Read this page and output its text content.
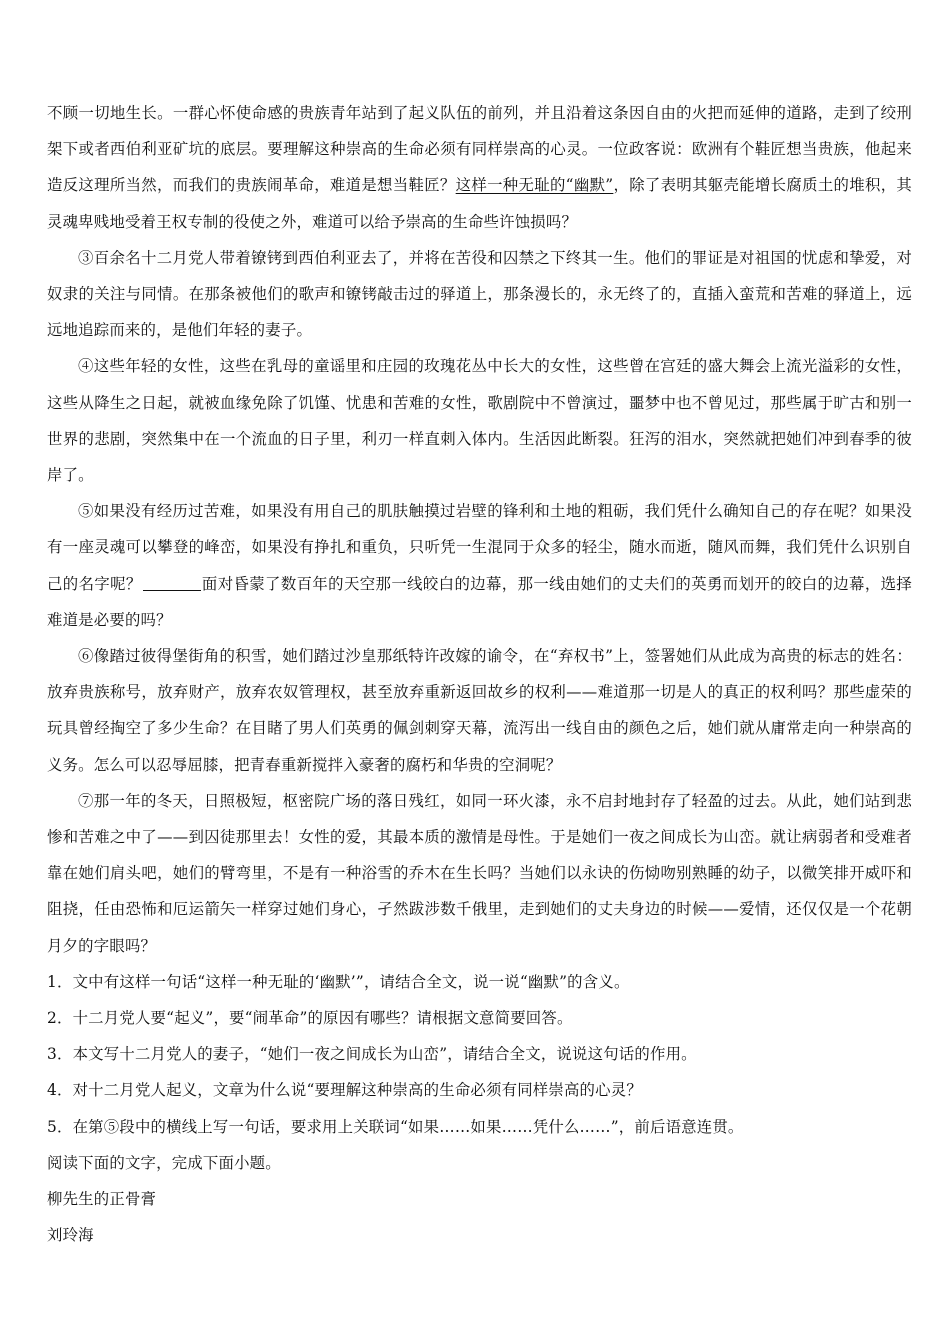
不顾一切地生长。一群心怀使命感的贵族青年站到了起义队伍的前列，并且沿着这条因自由的火把而延伸的道路，走到了绞刑架下或者西伯利亚矿坑的底层。要理解这种崇高的生命必须有同样崇高的心灵。一位政客说：欧洲有个鞋匠想当贵族，他起来造反这理所当然，而我们的贵族闹革命，难道是想当鞋匠？这样一种无耻的“幽默”，除了表明其躯壳能增长腐质土的堆积，其灵魂卑贱地受着王权专制的役使之外，难道可以给予崇高的生命些许蚀损吗？

③百余名十二月党人带着镣铐到西伯利亚去了，并将在苦役和囚禁之下终其一生。他们的罪证是对祖国的忧虑和挚爱，对奴隶的关注与同情。在那条被他们的歌声和镣铐敲击过的驿道上，那条漫长的，永无终了的，直插入蛮荒和苦难的驿道上，远远地追踪而来的，是他们年轻的妻子。

④这些年轻的女性，这些在乳母的童谣里和庄园的玫瑰花丛中长大的女性，这些曾在宫廷的盛大舞会上流光溢彩的女性，这些从降生之日起，就被血缘免除了饥馑、忧患和苦难的女性，歌剧院中不曾演过，噩梦中也不曾见过，那些属于旷古和别一世界的悲剧，突然集中在一个流血的日子里，利刃一样直刺入体内。生活因此断裂。狂泻的泪水，突然就把她们冲到春季的彼岸了。

⑤如果没有经历过苦难，如果没有用自己的肌肤触摸过岩壁的锋利和土地的粗砺，我们凭什么确知自己的存在呢？如果没有一座灵魂可以攀登的峰峦，如果没有挣扎和重负，只听凭一生混同于众多的轻尘，随水而逝，随风而舞，我们凭什么识别自己的名字呢？	面对昏蒙了数百年的天空那一线皎白的边幕，那一线由她们的丈夫们的英勇而划开的皎白的边幕，选择难道是必要的吗？

⑥像踏过彼得堡街角的积雪，她们踏过沙皇那纸特许改嫁的谕令，在“弃权书”上，签署她们从此成为高贵的标志的姓名：放弃贵族称号，放弃财产，放弃农奴管理权，甚至放弃重新返回故乡的权利——难道那一切是人的真正的权利吗？那些虚荣的玩具曾经掏空了多少生命？在目睹了男人们英勇的佩剑刺穿天幕，流泻出一线自由的颜色之后，她们就从庸常走向一种崇高的义务。怎么可以忍辱屈膝，把青春重新搅拌入豪奢的腐朽和华贵的空洞呢？

⑦那一年的冬天，日照极短，枢密院广场的落日残红，如同一环火漆，永不启封地封存了轻盈的过去。从此，她们站到悲惨和苦难之中了——到囚徒那里去！女性的爱，其最本质的激情是母性。于是她们一夜之间成长为山峦。就让病弱者和受难者靠在她们肩头吧，她们的臂弯里，不是有一种浴雪的乔木在生长吗？当她们以永诀的伤恸吻别熟睡的幼子，以微笑排开威吓和阻挠，任由恐怖和厄运箭矢一样穿过她们身心，孑然跋涉数千俄里，走到她们的丈夫身边的时候——爱情，还仅仅是一个花朝月夕的字眼吗？

1．文中有这样一句话“这样一种无耻的‘幽默’”，请结合全文，说一说“幽默”的含义。

2．十二月党人要“起义”，要“闹革命”的原因有哪些？请根据文意简要回答。

3．本文写十二月党人的妻子，“她们一夜之间成长为山峦”，请结合全文，说说这句话的作用。

4．对十二月党人起义，文章为什么说“要理解这种崇高的生命必须有同样崇高的心灵？

5．在第⑤段中的横线上写一句话，要求用上关联词“如果……如果……凭什么……”，前后语意连贯。

阅读下面的文字，完成下面小题。

柳先生的正骨膏

刘玲海
